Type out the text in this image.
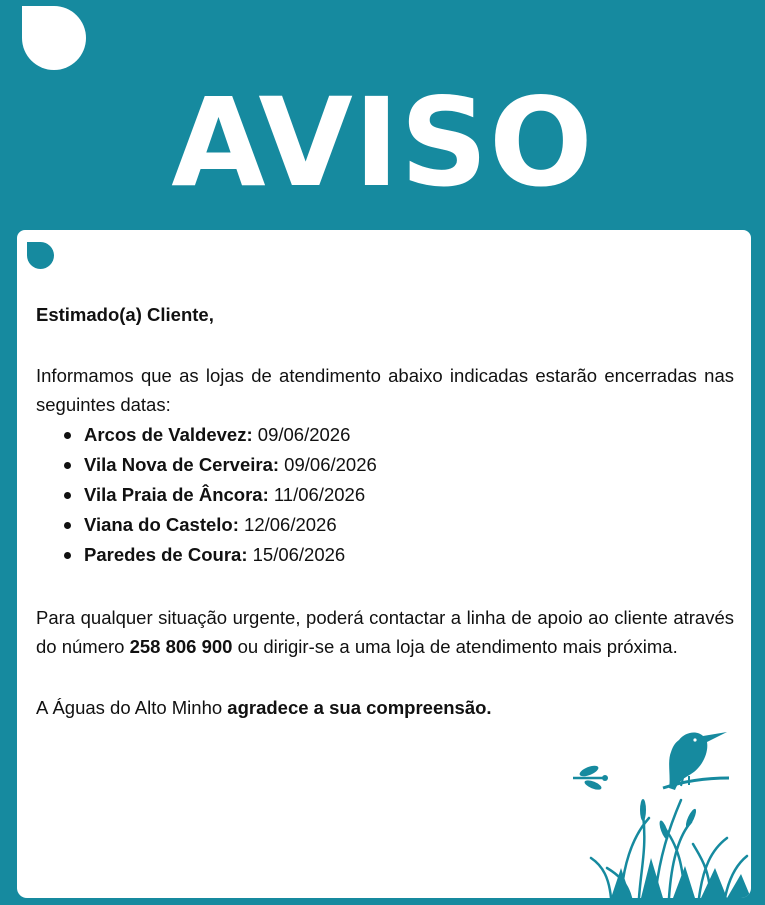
AVISO

Estimado(a) Cliente,

Informamos que as lojas de atendimento abaixo indicadas estarão encerradas nas seguintes datas:

Arcos de Valdevez: 09/06/2026
Vila Nova de Cerveira: 09/06/2026
Vila Praia de Âncora: 11/06/2026
Viana do Castelo: 12/06/2026
Paredes de Coura: 15/06/2026

Para qualquer situação urgente, poderá contactar a linha de apoio ao cliente através do número 258 806 900 ou dirigir-se a uma loja de atendimento mais próxima.

A Águas do Alto Minho agradece a sua compreensão.
